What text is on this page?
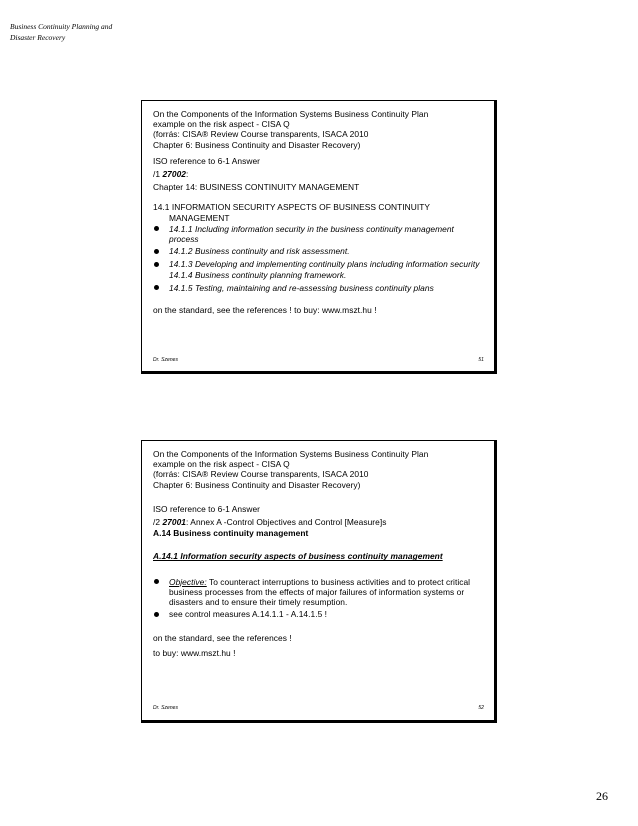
Business Continuity Planning and
Disaster Recovery

On the Components of the Information Systems Business Continuity Plan

example on the risk aspect - CISA Q

(forrás: CISA® Review Course transparents, ISACA 2010

Chapter 6: Business Continuity and Disaster Recovery)

ISO reference to 6-1 Answer

/1 27002:

Chapter 14: BUSINESS CONTINUITY MANAGEMENT

14.1 INFORMATION SECURITY ASPECTS OF BUSINESS CONTINUITY

MANAGEMENT

14.1.1 Including information security in the business continuity management process
14.1.2 Business continuity and risk assessment.
14.1.3 Developing and implementing continuity plans including information security 14.1.4 Business continuity planning framework.
14.1.5 Testing, maintaining and re-assessing business continuity plans

on the standard, see the references ! to buy: www.mszt.hu !

Dr. Szenes	51

On the Components of the Information Systems Business Continuity Plan

example on the risk aspect - CISA Q

(forrás: CISA® Review Course transparents, ISACA 2010

Chapter 6: Business Continuity and Disaster Recovery)

ISO reference to 6-1 Answer

/2 27001: Annex A -Control Objectives and Control [Measure]s

A.14 Business continuity management

A.14.1 Information security aspects of business continuity management

Objective: To counteract interruptions to business activities and to protect critical business processes from the effects of major failures of information systems or disasters and to ensure their timely resumption.
see control measures A.14.1.1 - A.14.1.5 !

on the standard, see the references !

to buy: www.mszt.hu !

Dr. Szenes	52
26
